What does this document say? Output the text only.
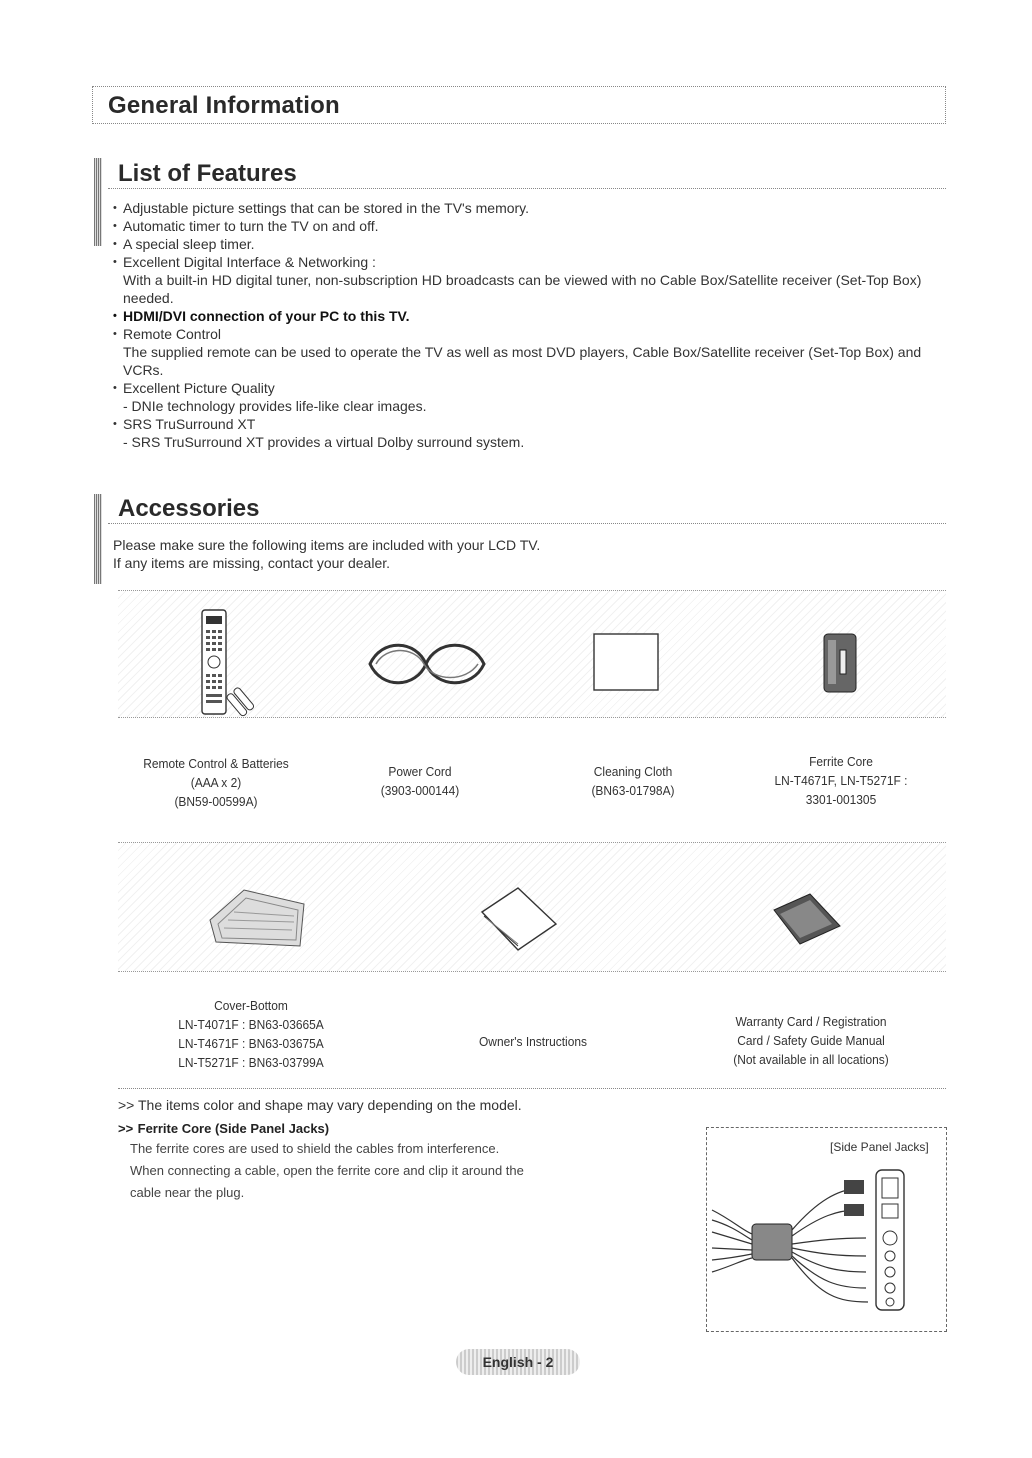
General Information
List of Features
• Adjustable picture settings that can be stored in the TV's memory.
• Automatic timer to turn the TV on and off.
• A special sleep timer.
• Excellent Digital Interface & Networking :
With a built-in HD digital tuner, non-subscription HD broadcasts can be viewed with no Cable Box/Satellite receiver (Set-Top Box) needed.
• HDMI/DVI connection of your PC to this TV.
• Remote Control
The supplied remote can be used to operate the TV as well as most DVD players, Cable Box/Satellite receiver (Set-Top Box) and VCRs.
• Excellent Picture Quality
- DNIe technology provides life-like clear images.
• SRS TruSurround XT
- SRS TruSurround XT provides a virtual Dolby surround system.
Accessories
Please make sure the following items are included with your LCD TV.
If any items are missing, contact your dealer.
Remote Control & Batteries
(AAA x 2)
(BN59-00599A)
Power Cord
(3903-000144)
Cleaning Cloth
(BN63-01798A)
Ferrite Core
LN-T4671F, LN-T5271F :
3301-001305
Cover-Bottom
LN-T4071F : BN63-03665A
LN-T4671F : BN63-03675A
LN-T5271F : BN63-03799A
Owner's Instructions
Warranty Card / Registration
Card / Safety Guide Manual
(Not available in all locations)
>> The items color and shape may vary depending on the model.
>> Ferrite Core (Side Panel Jacks)
The ferrite cores are used to shield the cables from interference.
When connecting a cable, open the ferrite core and clip it around the
cable near the plug.
[Side Panel Jacks]
English - 2
